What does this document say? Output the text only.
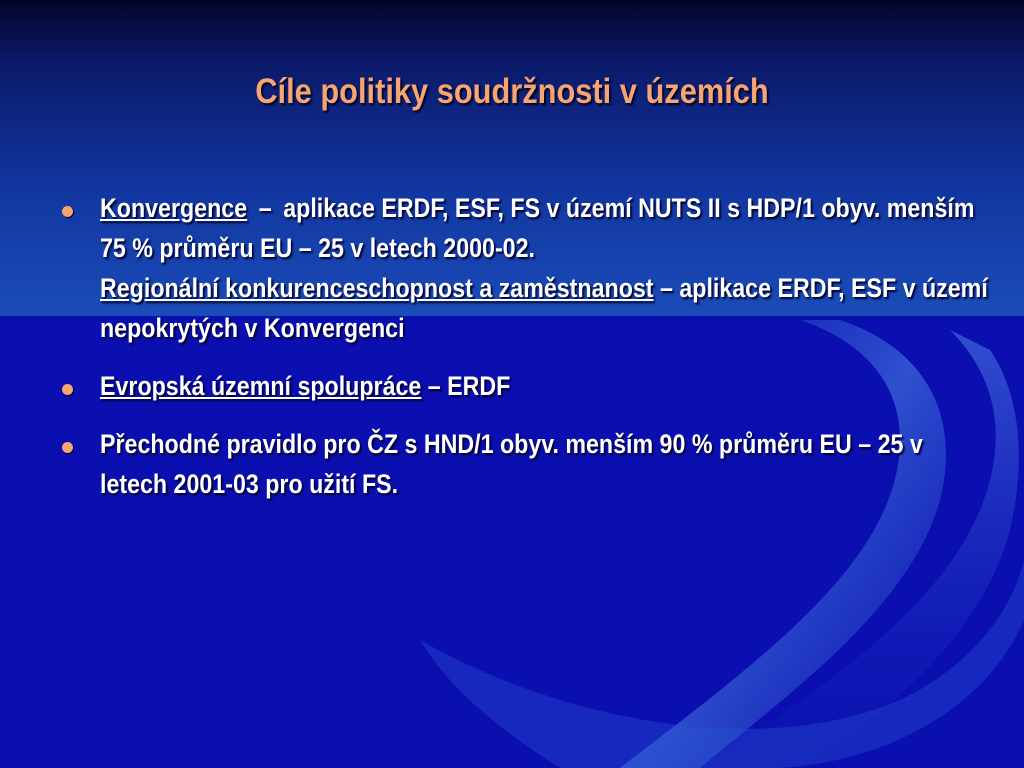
Cíle politiky soudržnosti v územích
Konvergence – aplikace ERDF, ESF, FS v území NUTS II s HDP/1 obyv. menším 75 % průměru EU – 25 v letech 2000-02.
Regionální konkurenceschopnost a zaměstnanost – aplikace ERDF, ESF v území nepokrytých v Konvergenci
Evropská územní spolupráce – ERDF
Přechodné pravidlo pro ČZ s HND/1 obyv. menším 90 % průměru EU – 25 v letech 2001-03 pro užití FS.
